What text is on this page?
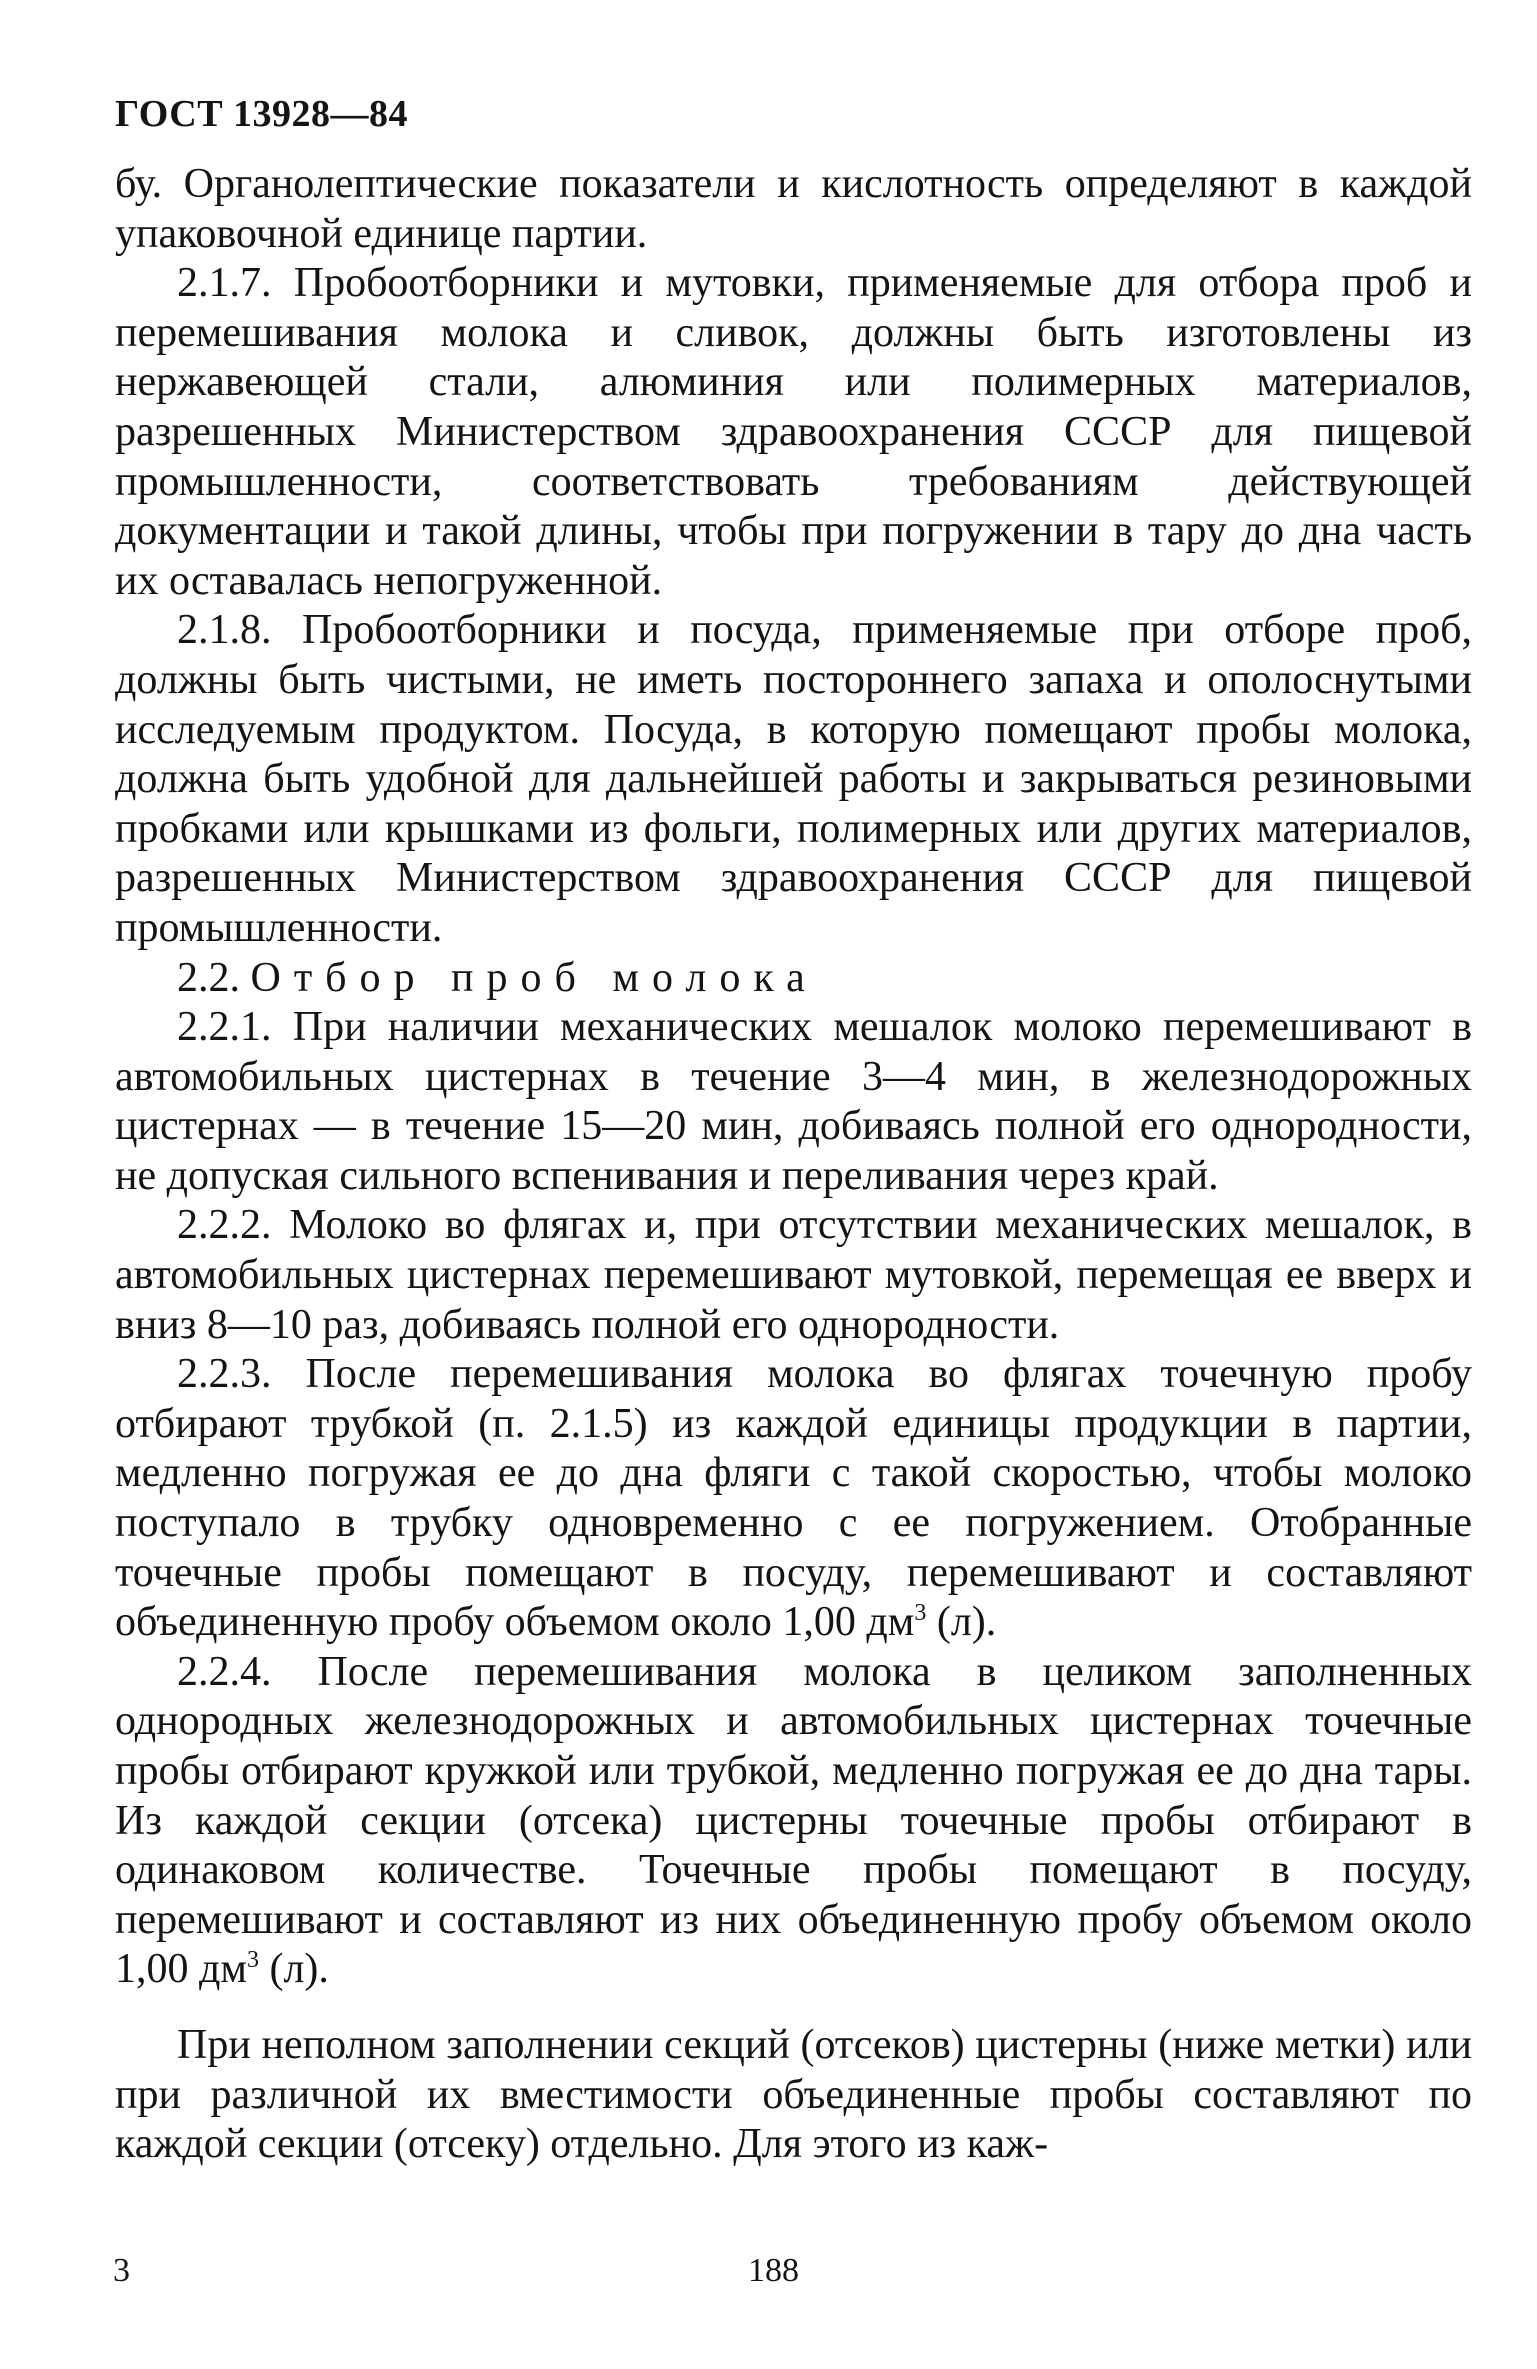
ГОСТ 13928—84

бу. Органолептические показатели и кислотность определяют в каждой упаковочной единице партии.

2.1.7. Пробоотборники и мутовки, применяемые для отбора проб и перемешивания молока и сливок, должны быть изготовлены из нержавеющей стали, алюминия или полимерных материалов, разрешенных Министерством здравоохранения СССР для пищевой промышленности, соответствовать требованиям действующей документации и такой длины, чтобы при погружении в тару до дна часть их оставалась непогруженной.

2.1.8. Пробоотборники и посуда, применяемые при отборе проб, должны быть чистыми, не иметь постороннего запаха и ополоснутыми исследуемым продуктом. Посуда, в которую помещают пробы молока, должна быть удобной для дальнейшей работы и закрываться резиновыми пробками или крышками из фольги, полимерных или других материалов, разрешенных Министерством здравоохранения СССР для пищевой промышленности.

2.2. Отбор проб молока

2.2.1. При наличии механических мешалок молоко перемешивают в автомобильных цистернах в течение 3—4 мин, в железнодорожных цистернах — в течение 15—20 мин, добиваясь полной его однородности, не допуская сильного вспенивания и переливания через край.

2.2.2. Молоко во флягах и, при отсутствии механических мешалок, в автомобильных цистернах перемешивают мутовкой, перемещая ее вверх и вниз 8—10 раз, добиваясь полной его однородности.

2.2.3. После перемешивания молока во флягах точечную пробу отбирают трубкой (п. 2.1.5) из каждой единицы продукции в партии, медленно погружая ее до дна фляги с такой скоростью, чтобы молоко поступало в трубку одновременно с ее погружением. Отобранные точечные пробы помещают в посуду, перемешивают и составляют объединенную пробу объемом около 1,00 $дм^3$ (л).

2.2.4. После перемешивания молока в целиком заполненных однородных железнодорожных и автомобильных цистернах точечные пробы отбирают кружкой или трубкой, медленно погружая ее до дна тары. Из каждой секции (отсека) цистерны точечные пробы отбирают в одинаковом количестве. Точечные пробы помещают в посуду, перемешивают и составляют из них объединенную пробу объемом около 1,00 $дм^3$ (л).

При неполном заполнении секций (отсеков) цистерны (ниже метки) или при различной их вместимости объединенные пробы составляют по каждой секции (отсеку) отдельно. Для этого из каж-

3	188
